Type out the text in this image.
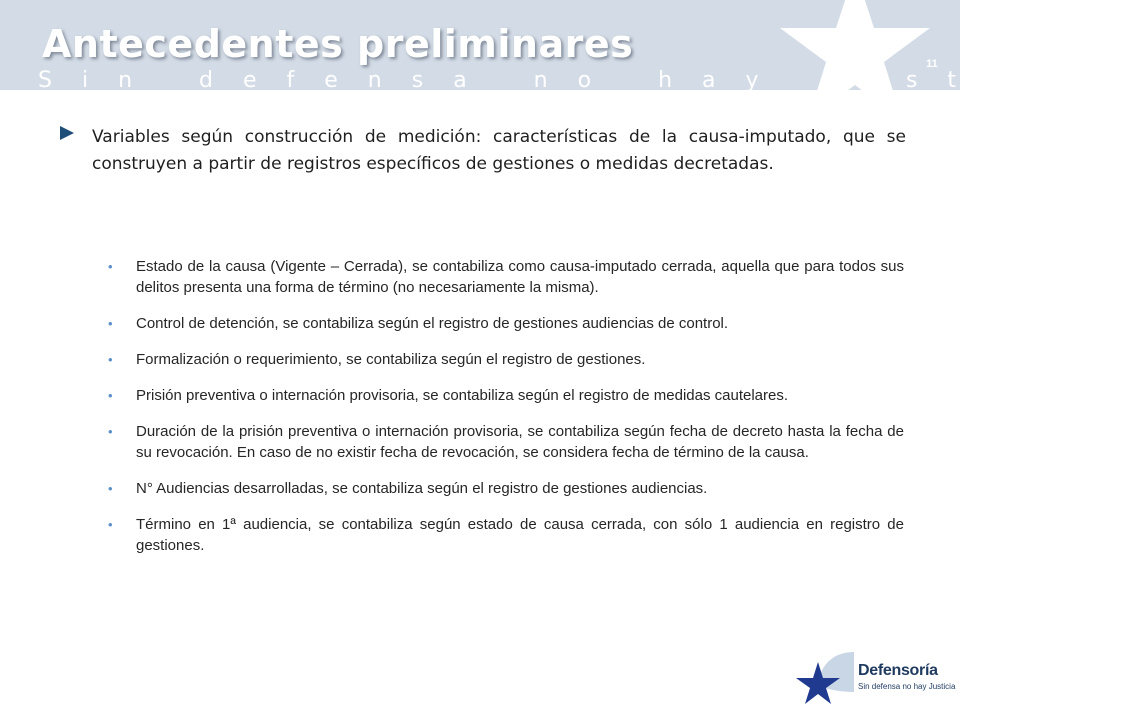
Antecedentes preliminares
Sin defensa no hay Justicia
11
Variables según construcción de medición: características de la causa-imputado, que se construyen a partir de registros específicos de gestiones o medidas decretadas.
• Estado de la causa (Vigente – Cerrada), se contabiliza como causa-imputado cerrada, aquella que para todos sus delitos presenta una forma de término (no necesariamente la misma).
• Control de detención, se contabiliza según el registro de gestiones audiencias de control.
• Formalización o requerimiento, se contabiliza según el registro de gestiones.
• Prisión preventiva o internación provisoria, se contabiliza según el registro de medidas cautelares.
• Duración de la prisión preventiva o internación provisoria, se contabiliza según fecha de decreto hasta la fecha de su revocación. En caso de no existir fecha de revocación, se considera fecha de término de la causa.
• N° Audiencias desarrolladas, se contabiliza según el registro de gestiones audiencias.
• Término en 1ª audiencia, se contabiliza según estado de causa cerrada, con sólo 1 audiencia en registro de gestiones.
Defensoría
Sin defensa no hay Justicia
